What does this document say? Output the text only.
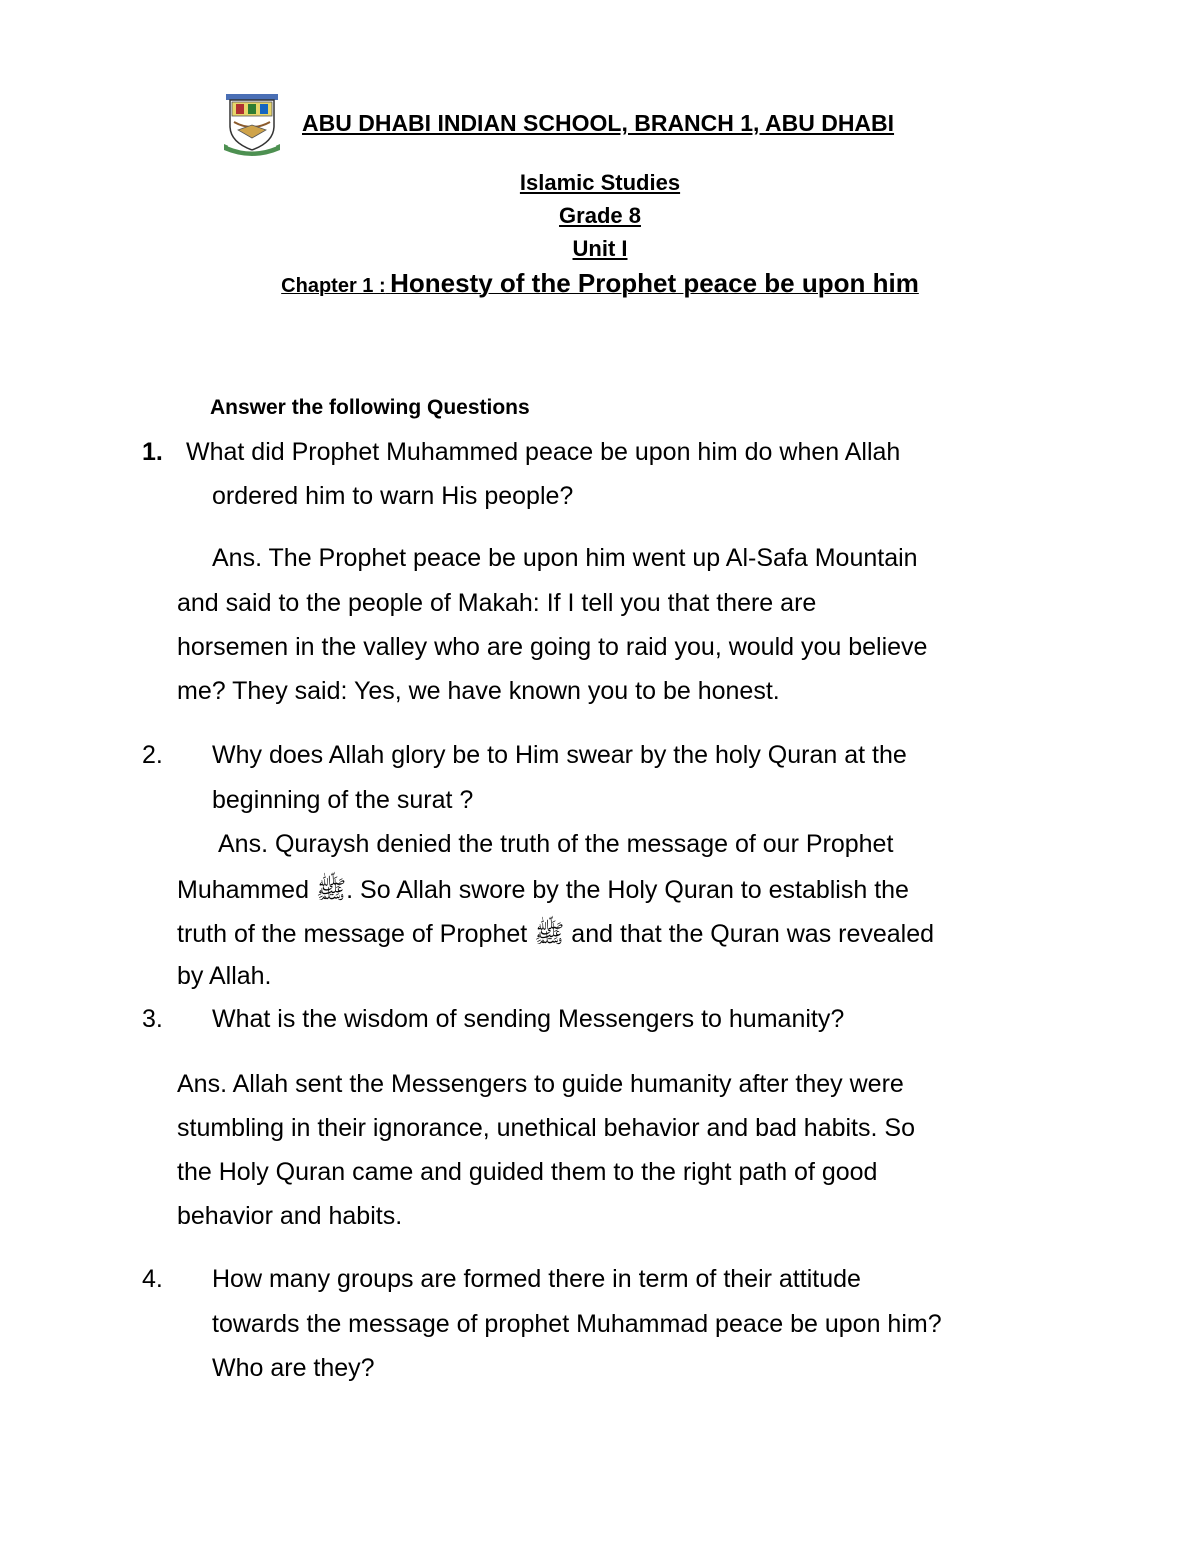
ABU DHABI INDIAN SCHOOL, BRANCH 1, ABU DHABI
Islamic Studies
Grade 8
Unit I
Chapter 1 : Honesty of the Prophet peace be upon him
Answer the following Questions
1. What did Prophet Muhammed peace be upon him do when Allah
ordered him to warn His people?
Ans. The Prophet peace be upon him went up Al-Safa Mountain
and said to the people of Makah: If I tell you that there are
horsemen in the valley who are going to raid you, would you believe
me? They said: Yes, we have known you to be honest.
2. Why does Allah glory be to Him swear by the holy Quran at the
beginning of the surat ?
Ans. Quraysh denied the truth of the message of our Prophet
Muhammed ﷺ. So Allah swore by the Holy Quran to establish the
truth of the message of Prophet ﷺ and that the Quran was revealed
by Allah.
3. What is the wisdom of sending Messengers to humanity?
Ans. Allah sent the Messengers to guide humanity after they were
stumbling in their ignorance, unethical behavior and bad habits. So
the Holy Quran came and guided them to the right path of good
behavior and habits.
4. How many groups are formed there in term of their attitude
towards the message of prophet Muhammad peace be upon him?
Who are they?
